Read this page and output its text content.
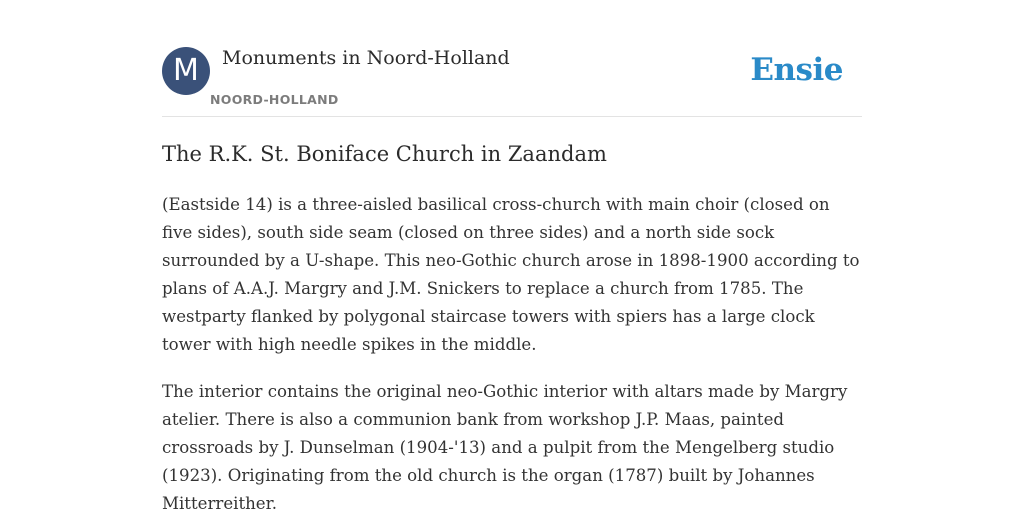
M	Monuments in Noord-Holland
NOORD-HOLLAND
Ensie
The R.K. St. Boniface Church in Zaandam

(Eastside 14) is a three-aisled basilical cross-church with main choir (closed on five sides), south side seam (closed on three sides) and a north side sock surrounded by a U-shape. This neo-Gothic church arose in 1898-1900 according to plans of A.A.J. Margry and J.M. Snickers to replace a church from 1785. The westparty flanked by polygonal staircase towers with spiers has a large clock tower with high needle spikes in the middle.

The interior contains the original neo-Gothic interior with altars made by Margry atelier. There is also a communion bank from workshop J.P. Maas, painted crossroads by J. Dunselman (1904-'13) and a pulpit from the Mengelberg studio (1923). Originating from the old church is the organ (1787) built by Johannes Mitterreither.
